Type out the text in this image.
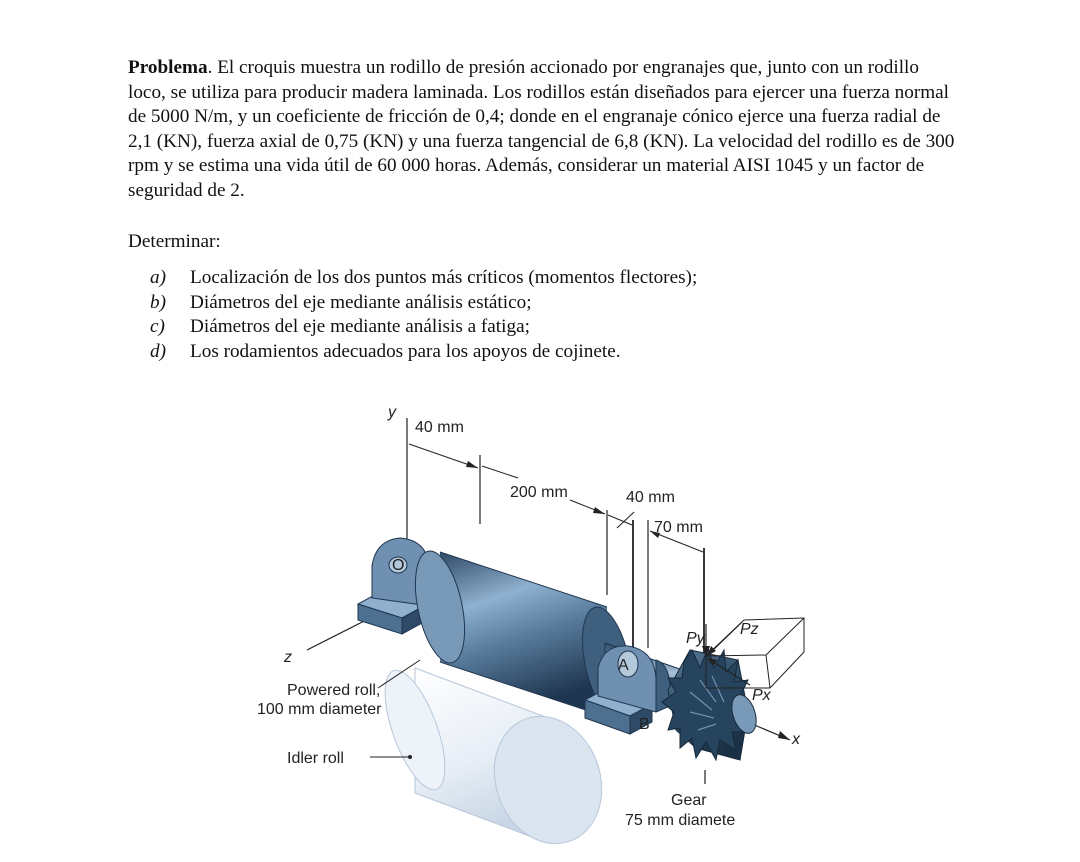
Problema. El croquis muestra un rodillo de presión accionado por engranajes que, junto con un rodillo loco, se utiliza para producir madera laminada. Los rodillos están diseñados para ejercer una fuerza normal de 5000 N/m, y un coeficiente de fricción de 0,4; donde en el engranaje cónico ejerce una fuerza radial de 2,1 (KN), fuerza axial de 0,75 (KN) y una fuerza tangencial de 6,8 (KN). La velocidad del rodillo es de 300 rpm y se estima una vida útil de 60 000 horas. Además, considerar un material AISI 1045 y un factor de seguridad de 2.

Determinar:

a)	Localización de los dos puntos más críticos (momentos flectores);
b)	Diámetros del eje mediante análisis estático;
c)	Diámetros del eje mediante análisis a fatiga;
d)	Los rodamientos adecuados para los apoyos de cojinete.
y
z
x
40 mm
200 mm	40 mm
70 mm
O
A
B
Py
Pz
Px
Powered roll,
100 mm diameter
Idler roll
Gear
75 mm diamete
